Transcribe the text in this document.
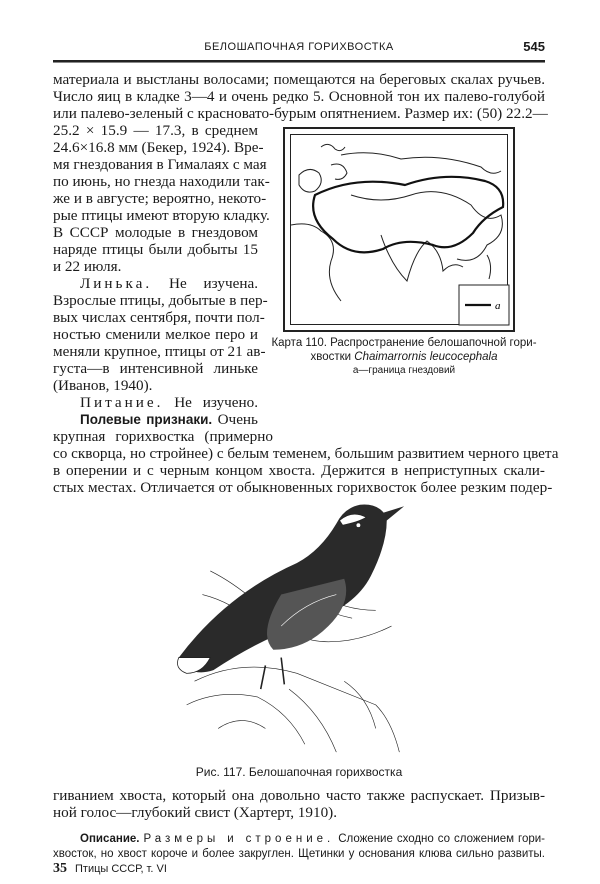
БЕЛОШАПОЧНАЯ ГОРИХВОСТКА	545
материала и выстланы волосами; помещаются на береговых скалах ручьев.
Число яиц в кладке 3—4 и очень редко 5. Основной тон их палево-голубой
или палево-зеленый с красновато-бурым опятнением. Размер их: (50) 22.2—
25.2 × 15.9 — 17.3, в среднем
24.6×16.8 мм (Бекер, 1924). Вре-
мя гнездования в Гималаях с мая
по июнь, но гнезда находили так-
же и в августе; вероятно, некото-
рые птицы имеют вторую кладку.
В СССР молодые в гнездовом
наряде птицы были добыты 15
и 22 июля.
Линька. Не изучена.
Взрослые птицы, добытые в пер-
вых числах сентября, почти пол-
ностью сменили мелкое перо и
меняли крупное, птицы от 21 ав-
густа—в интенсивной линьке
(Иванов, 1940).
Питание. Не изучено.
Полевые признаки. Очень
крупная горихвостка (примерно
а
Карта 110. Распространение белошапочной гори-
хвостки Chaimarrornis leucocephala
а—граница гнездовий
со скворца, но стройнее) с белым теменем, большим развитием черного цвета
в оперении и с черным концом хвоста. Держится в неприступных скали-
стых местах. Отличается от обыкновенных горихвосток более резким подер-
Рис. 117. Белошапочная горихвостка
гиванием хвоста, который она довольно часто также распускает. Призыв-
ной голос—глубокий свист (Хартерт, 1910).
Описание. Размеры и строение. Сложение сходно со сложением гори-
хвосток, но хвост короче и более закруглен. Щетинки у основания клюва сильно развиты.
35 Птицы СССР, т. VI
